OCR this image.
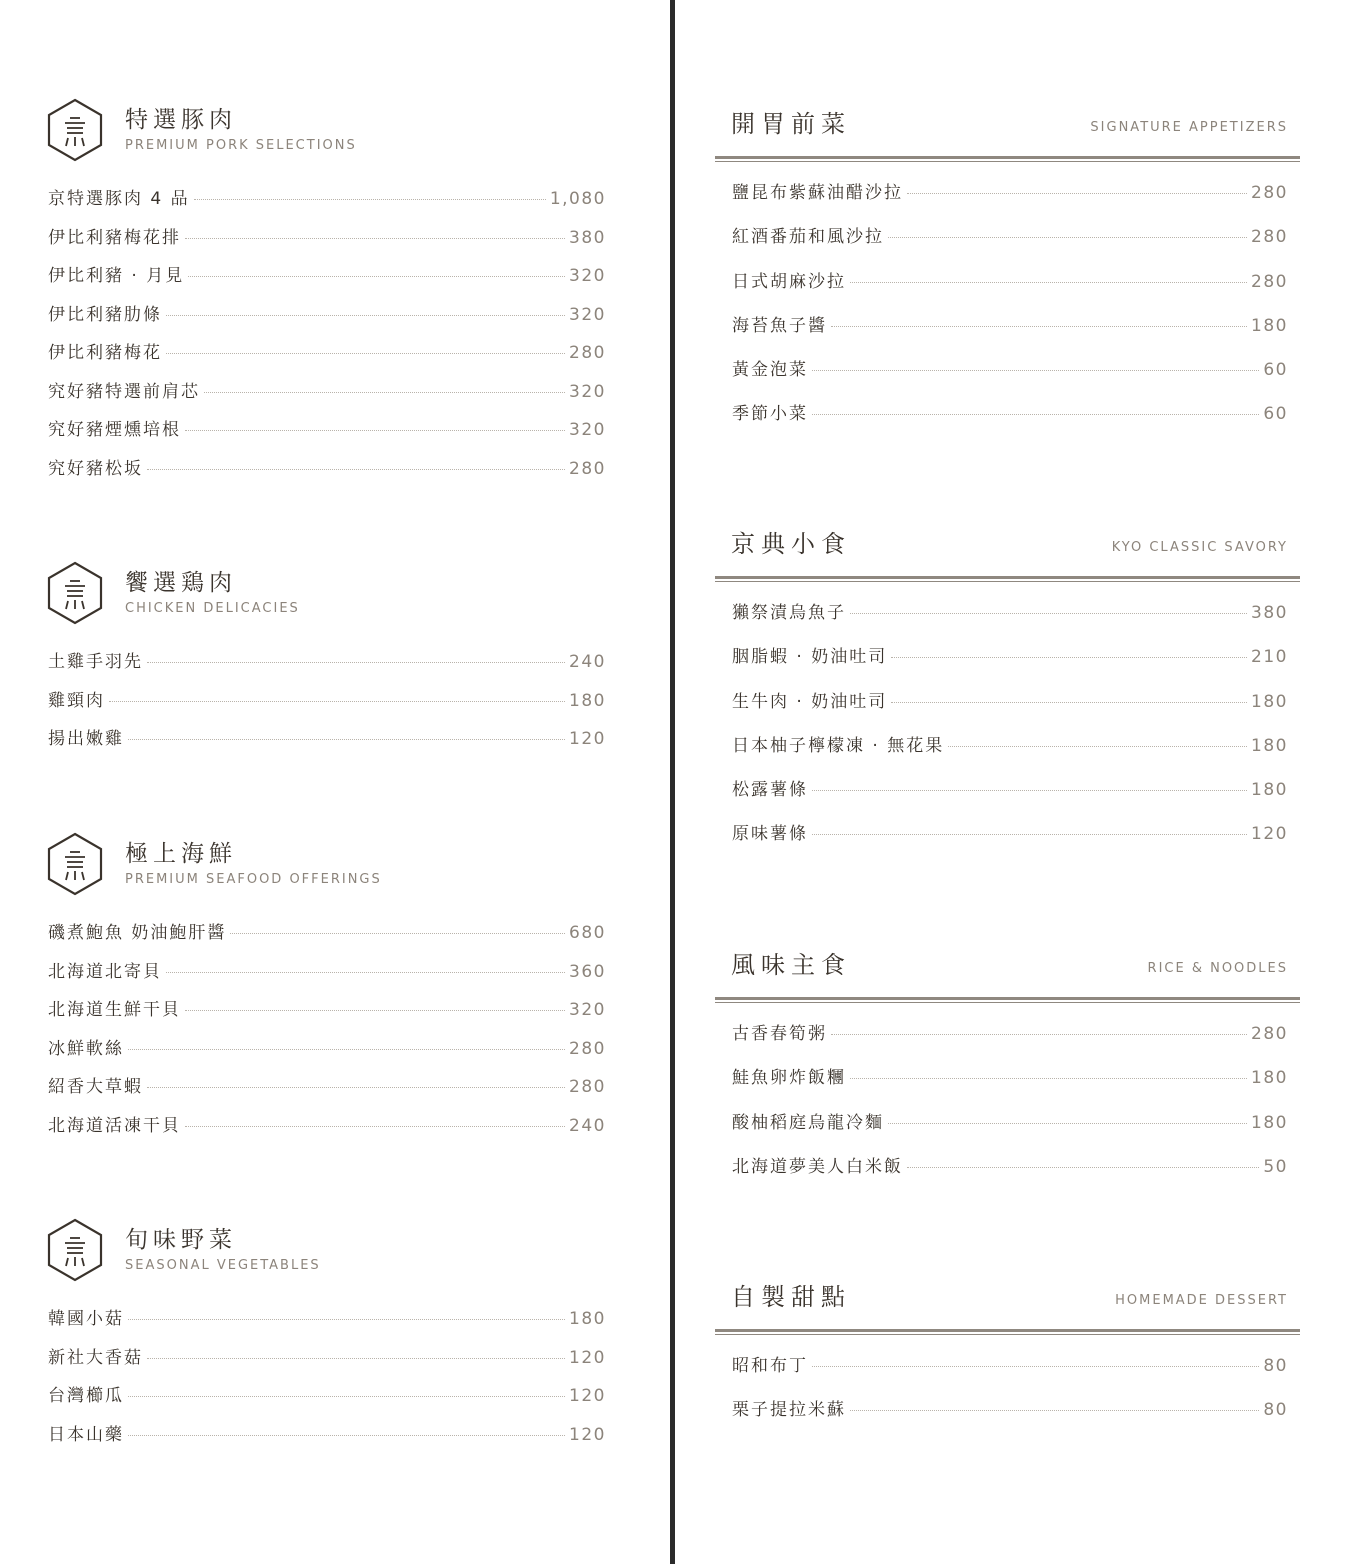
特選豚肉
PREMIUM PORK SELECTIONS
京特選豚肉 4 品	1,080
伊比利豬梅花排	380
伊比利豬 · 月見	320
伊比利豬肋條	320
伊比利豬梅花	280
究好豬特選前肩芯	320
究好豬煙燻培根	320
究好豬松坂	280
饗選鶏肉
CHICKEN DELICACIES
土雞手羽先	240
雞頸肉	180
揚出嫩雞	120
極上海鮮
PREMIUM SEAFOOD OFFERINGS
磯煮鮑魚 奶油鮑肝醬	680
北海道北寄貝	360
北海道生鮮干貝	320
冰鮮軟絲	280
紹香大草蝦	280
北海道活凍干貝	240
旬味野菜
SEASONAL VEGETABLES
韓國小菇	180
新社大香菇	120
台灣櫛瓜	120
日本山藥	120
開胃前菜	SIGNATURE APPETIZERS
鹽昆布紫蘇油醋沙拉	280
紅酒番茄和風沙拉	280
日式胡麻沙拉	280
海苔魚子醬	180
黃金泡菜	60
季節小菜	60
京典小食	KYO CLASSIC SAVORY
獺祭漬烏魚子	380
胭脂蝦 · 奶油吐司	210
生牛肉 · 奶油吐司	180
日本柚子檸檬凍 · 無花果	180
松露薯條	180
原味薯條	120
風味主食	RICE & NOODLES
古香春筍粥	280
鮭魚卵炸飯糰	180
酸柚稻庭烏龍冷麵	180
北海道夢美人白米飯	50
自製甜點	HOMEMADE DESSERT
昭和布丁	80
栗子提拉米蘇	80
